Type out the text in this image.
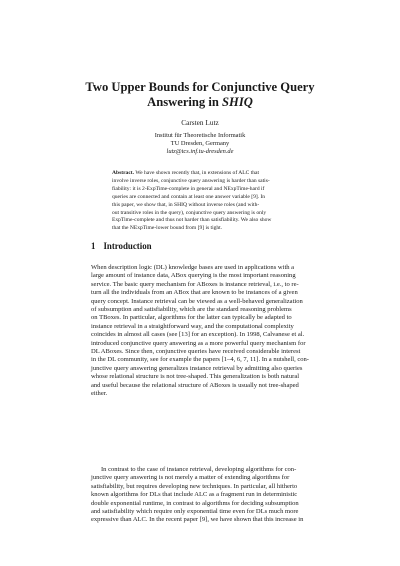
Two Upper Bounds for Conjunctive Query
Answering in SHIQ
Carsten Lutz
Institut für Theoretische Informatik
TU Dresden, Germany
lutz@tcs.inf.tu-dresden.de
Abstract. We have shown recently that, in extensions of ALC that
involve inverse roles, conjunctive query answering is harder than satis-
fiability: it is 2-ExpTime-complete in general and NExpTime-hard if
queries are connected and contain at least one answer variable [9]. In
this paper, we show that, in SHIQ without inverse roles (and with-
out transitive roles in the query), conjunctive query answering is only
ExpTime-complete and thus not harder than satisfiability. We also show
that the NExpTime-lower bound from [9] is tight.
1 Introduction
When description logic (DL) knowledge bases are used in applications with a
large amount of instance data, ABox querying is the most important reasoning
service. The basic query mechanism for ABoxes is instance retrieval, i.e., to re-
turn all the individuals from an ABox that are known to be instances of a given
query concept. Instance retrieval can be viewed as a well-behaved generalization
of subsumption and satisfiability, which are the standard reasoning problems
on TBoxes. In particular, algorithms for the latter can typically be adapted to
instance retrieval in a straightforward way, and the computational complexity
coincides in almost all cases (see [13] for an exception). In 1998, Calvanese et al.
introduced conjunctive query answering as a more powerful query mechanism for
DL ABoxes. Since then, conjunctive queries have received considerable interest
in the DL community, see for example the papers [1–4, 6, 7, 11]. In a nutshell, con-
junctive query answering generalizes instance retrieval by admitting also queries
whose relational structure is not tree-shaped. This generalization is both natural
and useful because the relational structure of ABoxes is usually not tree-shaped
either.
In contrast to the case of instance retrieval, developing algorithms for con-
junctive query answering is not merely a matter of extending algorithms for
satisfiability, but requires developing new techniques. In particular, all hitherto
known algorithms for DLs that include ALC as a fragment run in deterministic
double exponential runtime, in contrast to algorithms for deciding subsumption
and satisfiability which require only exponential time even for DLs much more
expressive than ALC. In the recent paper [9], we have shown that this increase in
